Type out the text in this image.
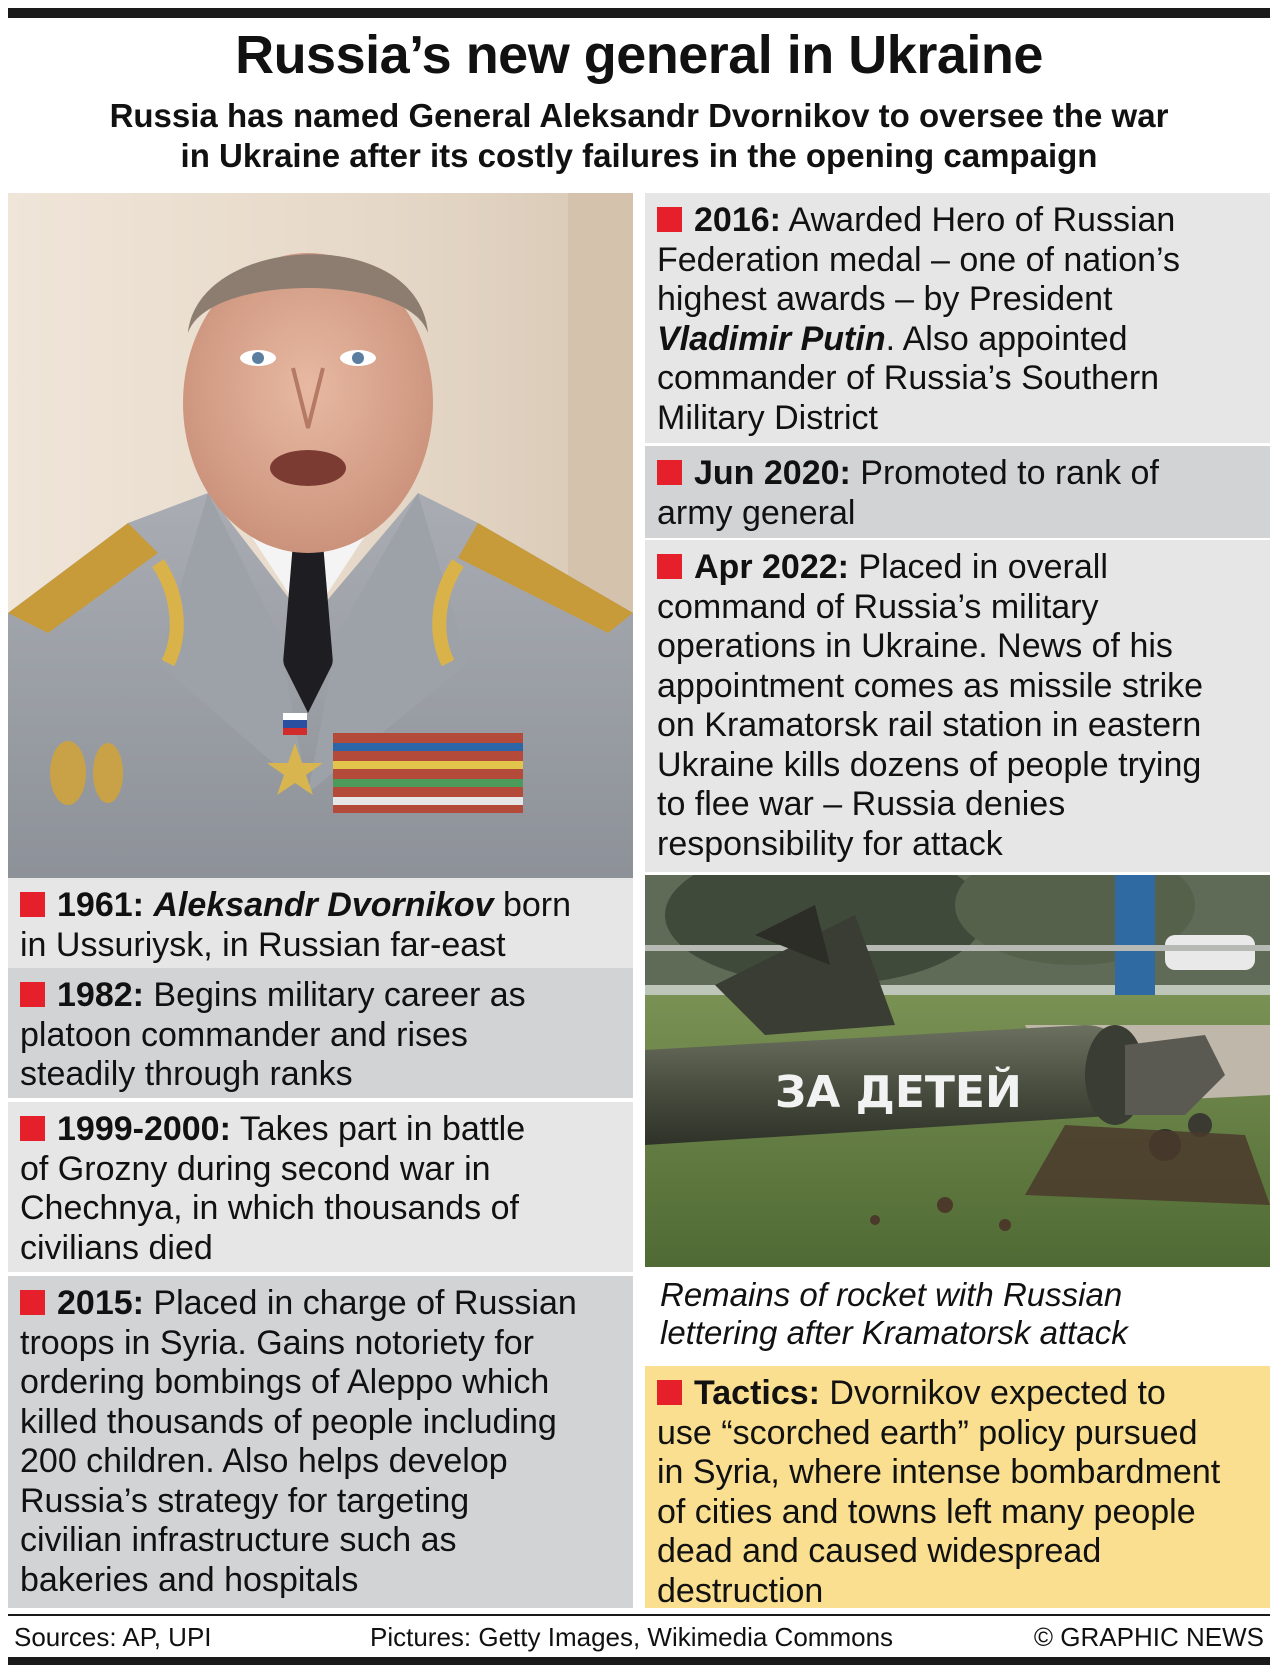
Russia’s new general in Ukraine
Russia has named General Aleksandr Dvornikov to oversee the war
in Ukraine after its costly failures in the opening campaign
1961: Aleksandr Dvornikov born
in Ussuriysk, in Russian far-east
1982: Begins military career as
platoon commander and rises
steadily through ranks
1999-2000: Takes part in battle
of Grozny during second war in
Chechnya, in which thousands of
civilians died
2015: Placed in charge of Russian
troops in Syria. Gains notoriety for
ordering bombings of Aleppo which
killed thousands of people including
200 children. Also helps develop
Russia’s strategy for targeting
civilian infrastructure such as
bakeries and hospitals
2016: Awarded Hero of Russian
Federation medal – one of nation’s
highest awards – by President
Vladimir Putin. Also appointed
commander of Russia’s Southern
Military District
Jun 2020: Promoted to rank of
army general
Apr 2022: Placed in overall
command of Russia’s military
operations in Ukraine. News of his
appointment comes as missile strike
on Kramatorsk rail station in eastern
Ukraine kills dozens of people trying
to flee war – Russia denies
responsibility for attack
ЗА ДЕТЕЙ
Remains of rocket with Russian
lettering after Kramatorsk attack
Tactics: Dvornikov expected to
use “scorched earth” policy pursued
in Syria, where intense bombardment
of cities and towns left many people
dead and caused widespread
destruction
Sources: AP, UPI	Pictures: Getty Images, Wikimedia Commons	© GRAPHIC NEWS
